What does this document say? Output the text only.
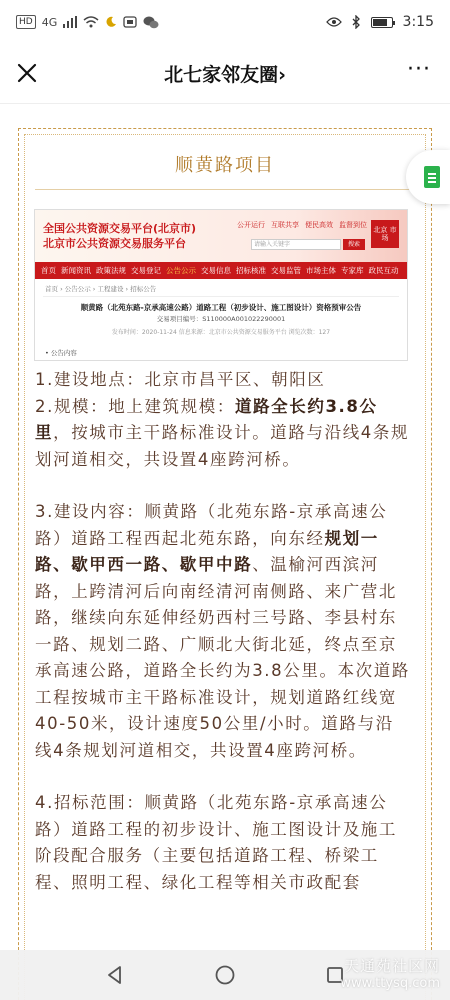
HD 4G	3:15
北七家邻友圈›	···
顺黄路项目
全国公共资源交易平台(北京市)
北京市公共资源交易服务平台
公开运行 互联共享 便民高效 监督到位
请输入关键字	搜索
北京 市场
首页 新闻资讯 政策法规 交易登记 公告公示 交易信息 招标核准 交易监管 市场主体 专家库 政民互动
首页 › 公告公示 › 工程建设 › 招标公告
顺黄路（北苑东路-京承高速公路）道路工程（初步设计、施工图设计）资格预审公告
交易项目编号：S110000A001022290001
发布时间：2020-11-24 信息来源：北京市公共资源交易服务平台 浏览次数：127
• 公告内容

1.建设地点：北京市昌平区、朝阳区
2.规模：地上建筑规模：道路全长约3.8公里，按城市主干路标准设计。道路与沿线4条规划河道相交，共设置4座跨河桥。

3.建设内容：顺黄路（北苑东路-京承高速公路）道路工程西起北苑东路，向东经规划一路、歇甲西一路、歇甲中路、温榆河西滨河路，上跨清河后向南经清河南侧路、来广营北路，继续向东延伸经奶西村三号路、李县村东一路、规划二路、广顺北大街北延，终点至京承高速公路，道路全长约为3.8公里。本次道路工程按城市主干路标准设计，规划道路红线宽40-50米，设计速度50公里/小时。道路与沿线4条规划河道相交，共设置4座跨河桥。

4.招标范围：顺黄路（北苑东路-京承高速公路）道路工程的初步设计、施工图设计及施工阶段配合服务（主要包括道路工程、桥梁工程、照明工程、绿化工程等相关市政配套

天通苑社区网
www.ttysq.com
